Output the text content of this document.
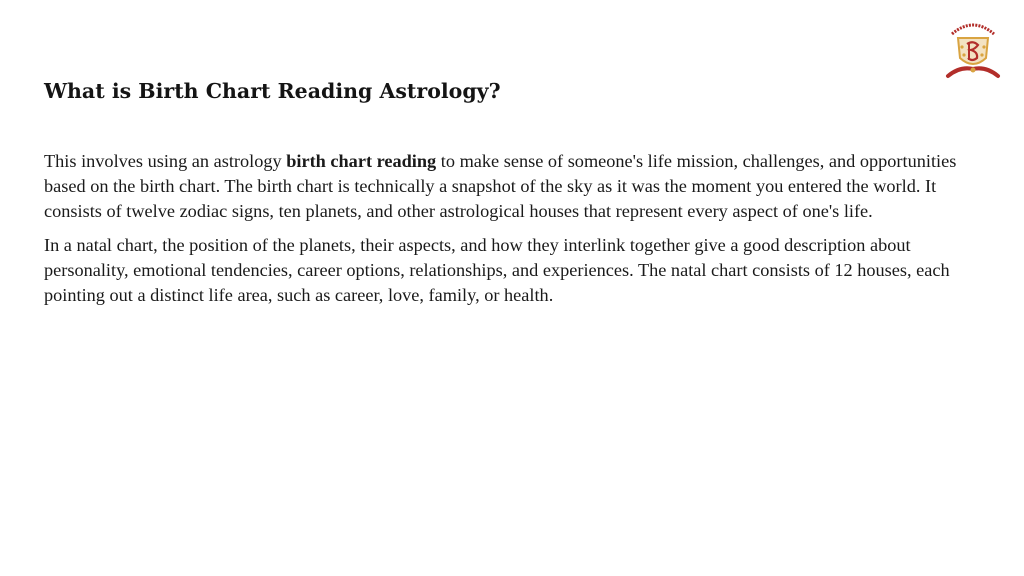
What is Birth Chart Reading Astrology?

This involves using an astrology birth chart reading to make sense of someone's life mission, challenges, and opportunities based on the birth chart. The birth chart is technically a snapshot of the sky as it was the moment you entered the world. It consists of twelve zodiac signs, ten planets, and other astrological houses that represent every aspect of one's life.

In a natal chart, the position of the planets, their aspects, and how they interlink together give a good description about personality, emotional tendencies, career options, relationships, and experiences. The natal chart consists of 12 houses, each pointing out a distinct life area, such as career, love, family, or health.
